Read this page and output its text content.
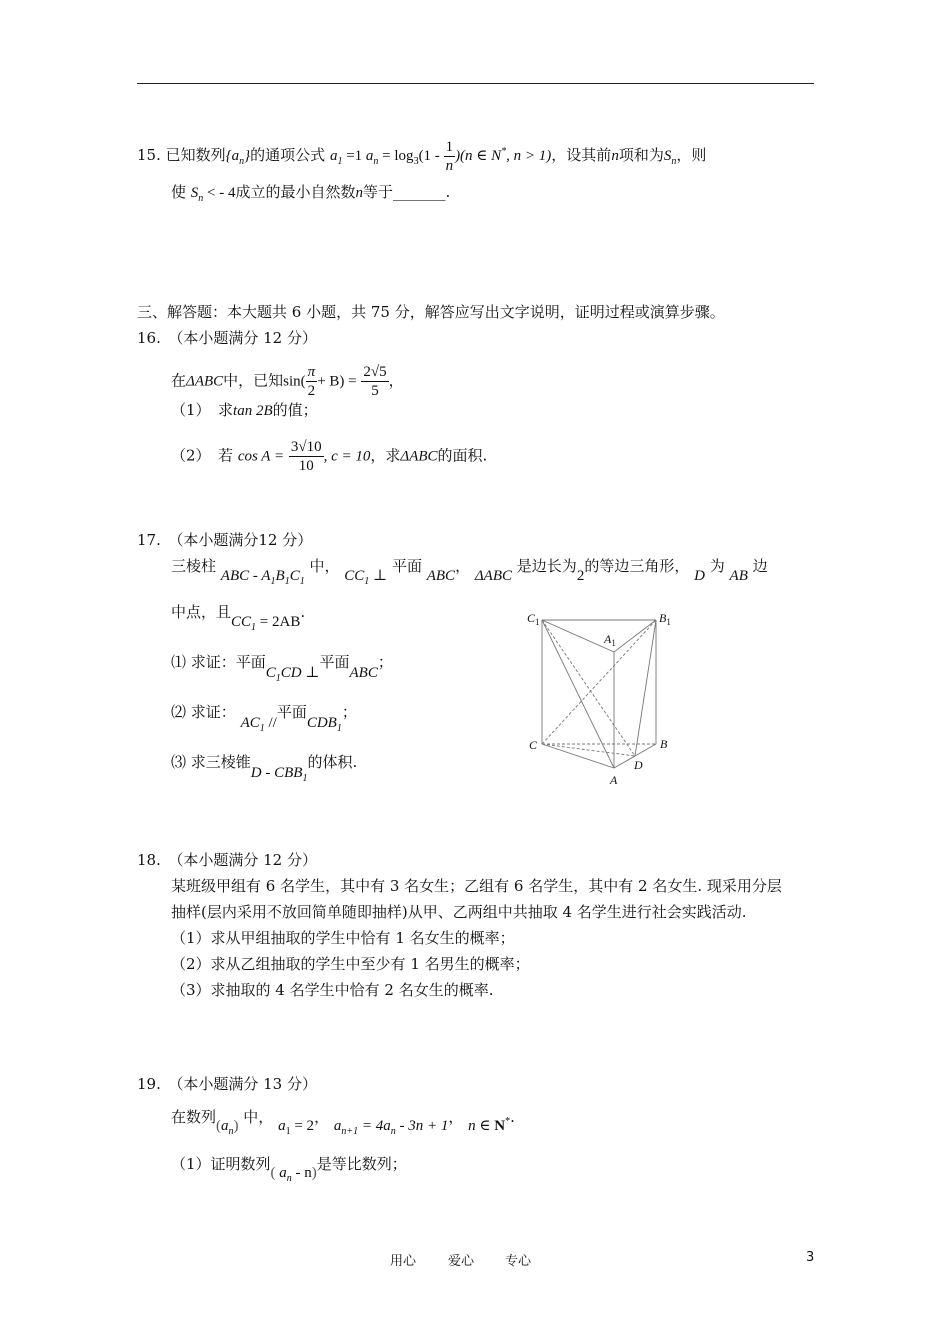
15. 已知数列$\{a_n\}$的通项公式 $a_1 =1$ $a_n = \log_3(1 - \frac{1}{n} )(n$ ∈ N*, n > 1)，设其前n项和为$S_n$，则
使 $S_n$ < - 4成立的最小自然数n等于_______.
三、解答题：本大题共 6 小题，共 75 分，解答应写出文字说明，证明过程或演算步骤。
16.　（本小题满分 12 分）
在ΔABC中，已知$\sin( \frac{\pi}{2} + B) = \frac{2√5}{5}$ ，
（1）　求tan 2B的值；
（2）　若 $\cos A = \frac{3√10}{10}$ , c = 10，求ΔABC的面积.
17.　（本小题满分12 分）
三棱柱 ABC - $A_1B_1C_1$ 中， $CC_1$ ⊥ 平面 ABC， ΔABC 是边长为2的等边三角形， D 为 AB 边
中点，且$CC_1 = 2AB$.
⑴ 求证：平面$C_1CD$ ⊥平面ABC；
⑵ 求证： $AC_1$ //平面$CDB_1$；
⑶ 求三棱锥D - $CBB_1$的体积.
$C_1$	$B_1$
$A_1$
C	B
D
A
18.　（本小题满分 12 分）
某班级甲组有 6 名学生，其中有 3 名女生；乙组有 6 名学生，其中有 2 名女生. 现采用分层
抽样(层内采用不放回简单随即抽样)从甲、乙两组中共抽取 4 名学生进行社会实践活动.
（1）求从甲组抽取的学生中恰有 1 名女生的概率；
（2）求从乙组抽取的学生中至少有 1 名男生的概率；
（3）求抽取的 4 名学生中恰有 2 名女生的概率.
19.　（本小题满分 13 分）
在数列$(a_n)$ 中， $a_1 = 2$， $a_{n+1} = 4a_n - 3n + 1$， n ∈ N*.
（1）证明数列( $a_n - n$)是等比数列；
用心 爱心 专心	3
